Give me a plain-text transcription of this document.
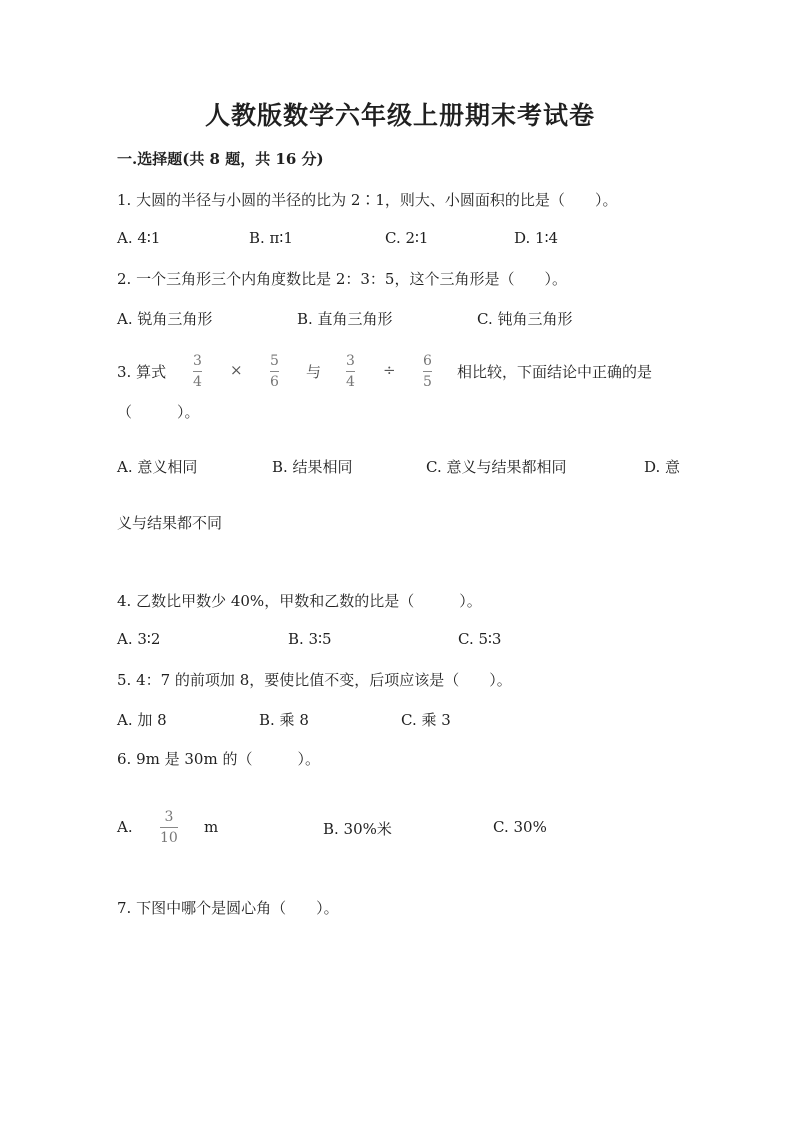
人教版数学六年级上册期末考试卷
一.选择题(共 8 题，共 16 分)
1. 大圆的半径与小圆的半径的比为 2∶1，则大、小圆面积的比是（　　）。
A. 4∶1	B. π∶1	C. 2∶1	D. 1∶4
2. 一个三角形三个内角度数比是 2：3：5，这个三角形是（　　）。
A. 锐角三角形	B. 直角三角形	C. 钝角三角形
3. 算式
3
4
× 5
6
与
3
4
÷ 6
5
相比较，下面结论中正确的是
（　　　）。
A. 意义相同	B. 结果相同	C. 意义与结果都相同	D. 意
义与结果都不同
4. 乙数比甲数少 40%，甲数和乙数的比是（　　　）。
A. 3∶2	B. 3∶5	C. 5∶3
5. 4：7 的前项加 8，要使比值不变，后项应该是（　　）。
A. 加 8	B. 乘 8	C. 乘 3
6. 9m 是 30m 的（　　　）。
A.
3
10
m	B. 30%米	C. 30%
7. 下图中哪个是圆心角（　　）。
